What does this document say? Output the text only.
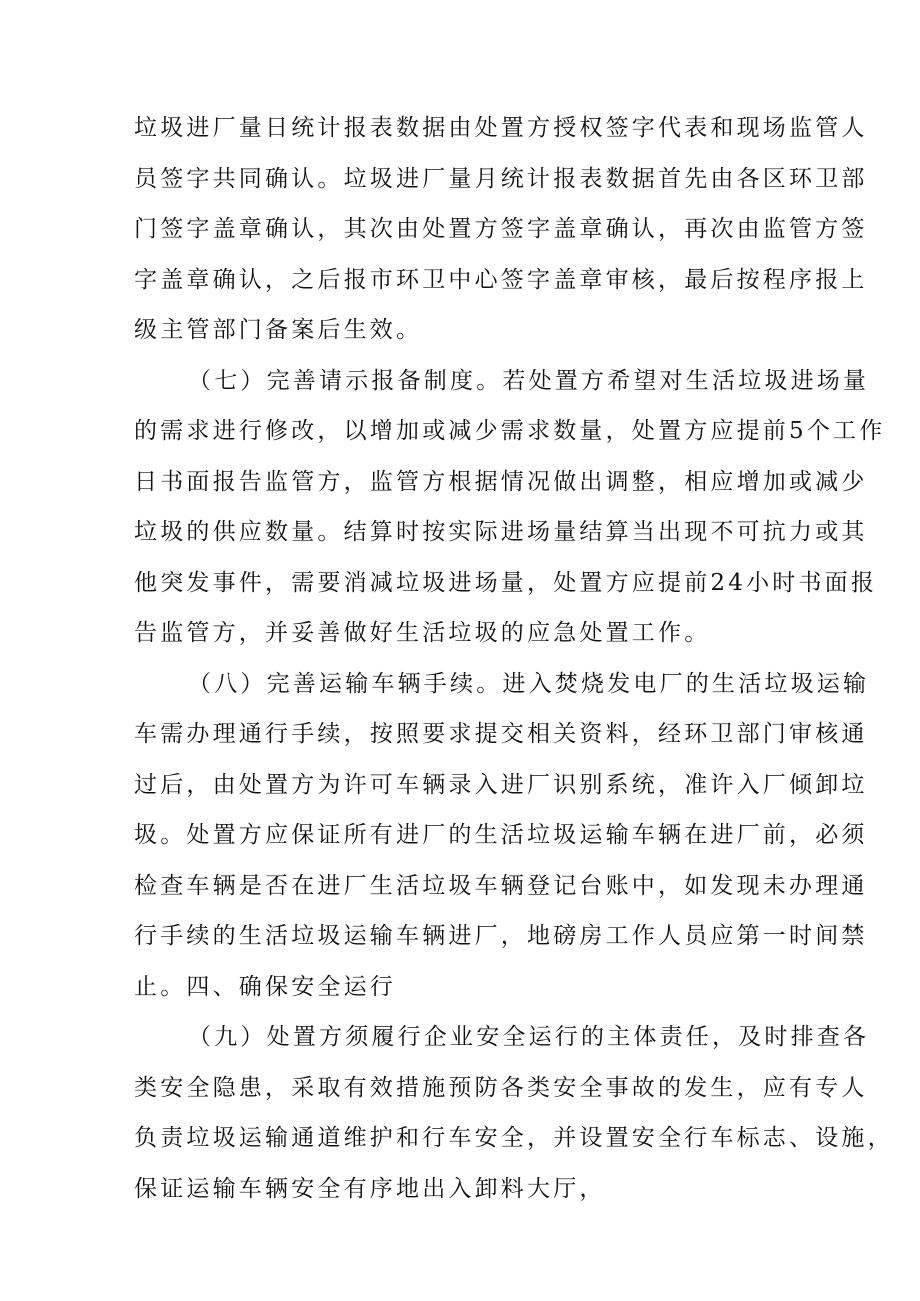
垃圾进厂量日统计报表数据由处置方授权签字代表和现场监管人
员签字共同确认。垃圾进厂量月统计报表数据首先由各区环卫部
门签字盖章确认，其次由处置方签字盖章确认，再次由监管方签
字盖章确认，之后报市环卫中心签字盖章审核，最后按程序报上
级主管部门备案后生效。
（七）完善请示报备制度。若处置方希望对生活垃圾进场量
的需求进行修改，以增加或减少需求数量，处置方应提前5个工作
日书面报告监管方，监管方根据情况做出调整，相应增加或减少
垃圾的供应数量。结算时按实际进场量结算当出现不可抗力或其
他突发事件，需要消减垃圾进场量，处置方应提前24小时书面报
告监管方，并妥善做好生活垃圾的应急处置工作。
（八）完善运输车辆手续。进入焚烧发电厂的生活垃圾运输
车需办理通行手续，按照要求提交相关资料，经环卫部门审核通
过后，由处置方为许可车辆录入进厂识别系统，准许入厂倾卸垃
圾。处置方应保证所有进厂的生活垃圾运输车辆在进厂前，必须
检查车辆是否在进厂生活垃圾车辆登记台账中，如发现未办理通
行手续的生活垃圾运输车辆进厂，地磅房工作人员应第一时间禁
止。四、确保安全运行
（九）处置方须履行企业安全运行的主体责任，及时排查各
类安全隐患，采取有效措施预防各类安全事故的发生，应有专人
负责垃圾运输通道维护和行车安全，并设置安全行车标志、设施，
保证运输车辆安全有序地出入卸料大厅，
